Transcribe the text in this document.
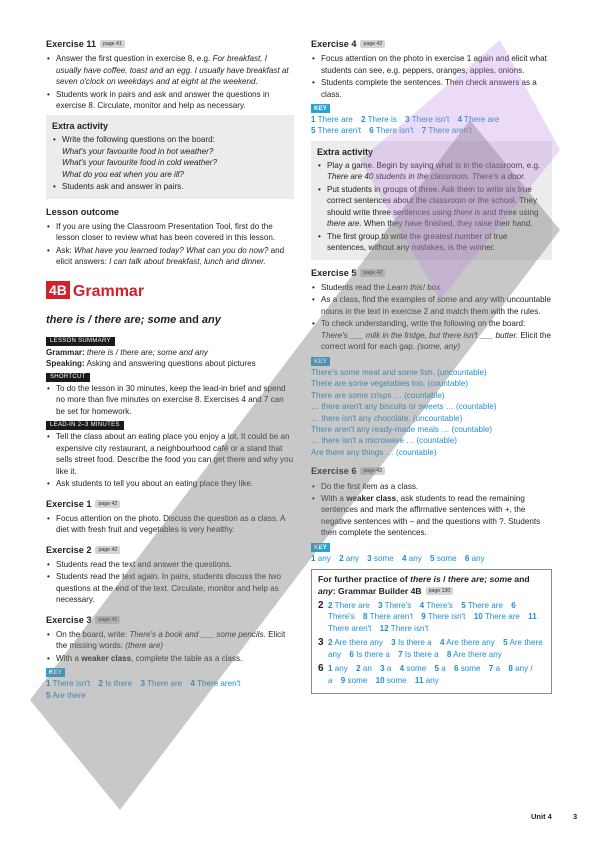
Exercise 11 page 41
• Answer the first question in exercise 8, e.g. For breakfast, I usually have coffee, toast and an egg. I usually have breakfast at seven o'clock on weekdays and at eight at the weekend.
• Students work in pairs and ask and answer the questions in exercise 8. Circulate, monitor and help as necessary.
Extra activity
• Write the following questions on the board:
What's your favourite food in hot weather?
What's your favourite food in cold weather?
What do you eat when you are ill?
• Students ask and answer in pairs.
Lesson outcome
• If you are using the Classroom Presentation Tool, first do the lesson closer to review what has been covered in this lesson.
• Ask: What have you learned today? What can you do now? and elicit answers: I can talk about breakfast, lunch and dinner.
4B Grammar
there is / there are; some and any
LESSON SUMMARY

Grammar: there is / there are; some and any

Speaking: Asking and answering questions about pictures

SHORTCUT
• To do the lesson in 30 minutes, keep the lead-in brief and spend no more than five minutes on exercise 8. Exercises 4 and 7 can be set for homework.
LEAD-IN 2–3 MINUTES
• Tell the class about an eating place you enjoy a lot. It could be an expensive city restaurant, a neighbourhood café or a stand that sells street food. Describe the food you can get there and why you like it.
• Ask students to tell you about an eating place they like.
Exercise 1 page 42
• Focus attention on the photo. Discuss the question as a class. A diet with fresh fruit and vegetables is very healthy.
Exercise 2 page 42
• Students read the text and answer the questions.
• Students read the text again. In pairs, students discuss the two questions at the end of the text. Circulate, monitor and help as necessary.
Exercise 3 page 42
• On the board, write: There's a book and ___ some pencils. Elicit the missing words: (there are)
• With a weaker class, complete the table as a class.
KEY
1 There isn't 2 Is there 3 There are 4 There aren't
5 Are there
Exercise 4 page 42
• Focus attention on the photo in exercise 1 again and elicit what students can see, e.g. peppers, oranges, apples, onions.
• Students complete the sentences. Then check answers as a class.
KEY
1 There are 2 There is 3 There isn't 4 There are
5 There aren't 6 There isn't 7 There aren't
Extra activity
• Play a game. Begin by saying what is in the classroom, e.g. There are 40 students in the classroom. There's a door.
• Put students in groups of three. Ask them to write six true correct sentences about the classroom or the school. They should write three sentences using there is and three using there are. When they have finished, they raise their hand.
• The first group to write the greatest number of true sentences, without any mistakes, is the winner.
Exercise 5 page 42
• Students read the Learn this! box.
• As a class, find the examples of some and any with uncountable nouns in the text in exercise 2 and match them with the rules.
• To check understanding, write the following on the board: There's ___ milk in the fridge, but there isn't ___ butter. Elicit the correct word for each gap. (some, any)
KEY
There's some meat and some fish. (uncountable)
There are some vegetables too. (countable)
There are some crisps … (countable)
… there aren't any biscuits or sweets … (countable)
… there isn't any chocolate. (uncountable)
There aren't any ready-made meals … (countable)
… there isn't a microwave … (countable)
Are there any things … (countable)
Exercise 6 page 42
• Do the first item as a class.
• With a weaker class, ask students to read the remaining sentences and mark the affirmative sentences with +, the negative sentences with – and the questions with ?. Students then complete the sentences.
KEY
1 any 2 any 3 some 4 any 5 some 6 any
For further practice of there is / there are; some and any: Grammar Builder 4B page 130
2 2 There are 3 There's 4 There's 5 There are 6 There's 8 There aren't 9 There isn't 10 There are 11 There aren't 12 There isn't
3 2 Are there any 3 Is there a 4 Are there any 5 Are there any 6 Is there a 7 Is there a 8 Are there any
6 1 any 2 an 3 a 4 some 5 a 6 some 7 a 8 any / a 9 some 10 some 11 any
Unit 4	3
